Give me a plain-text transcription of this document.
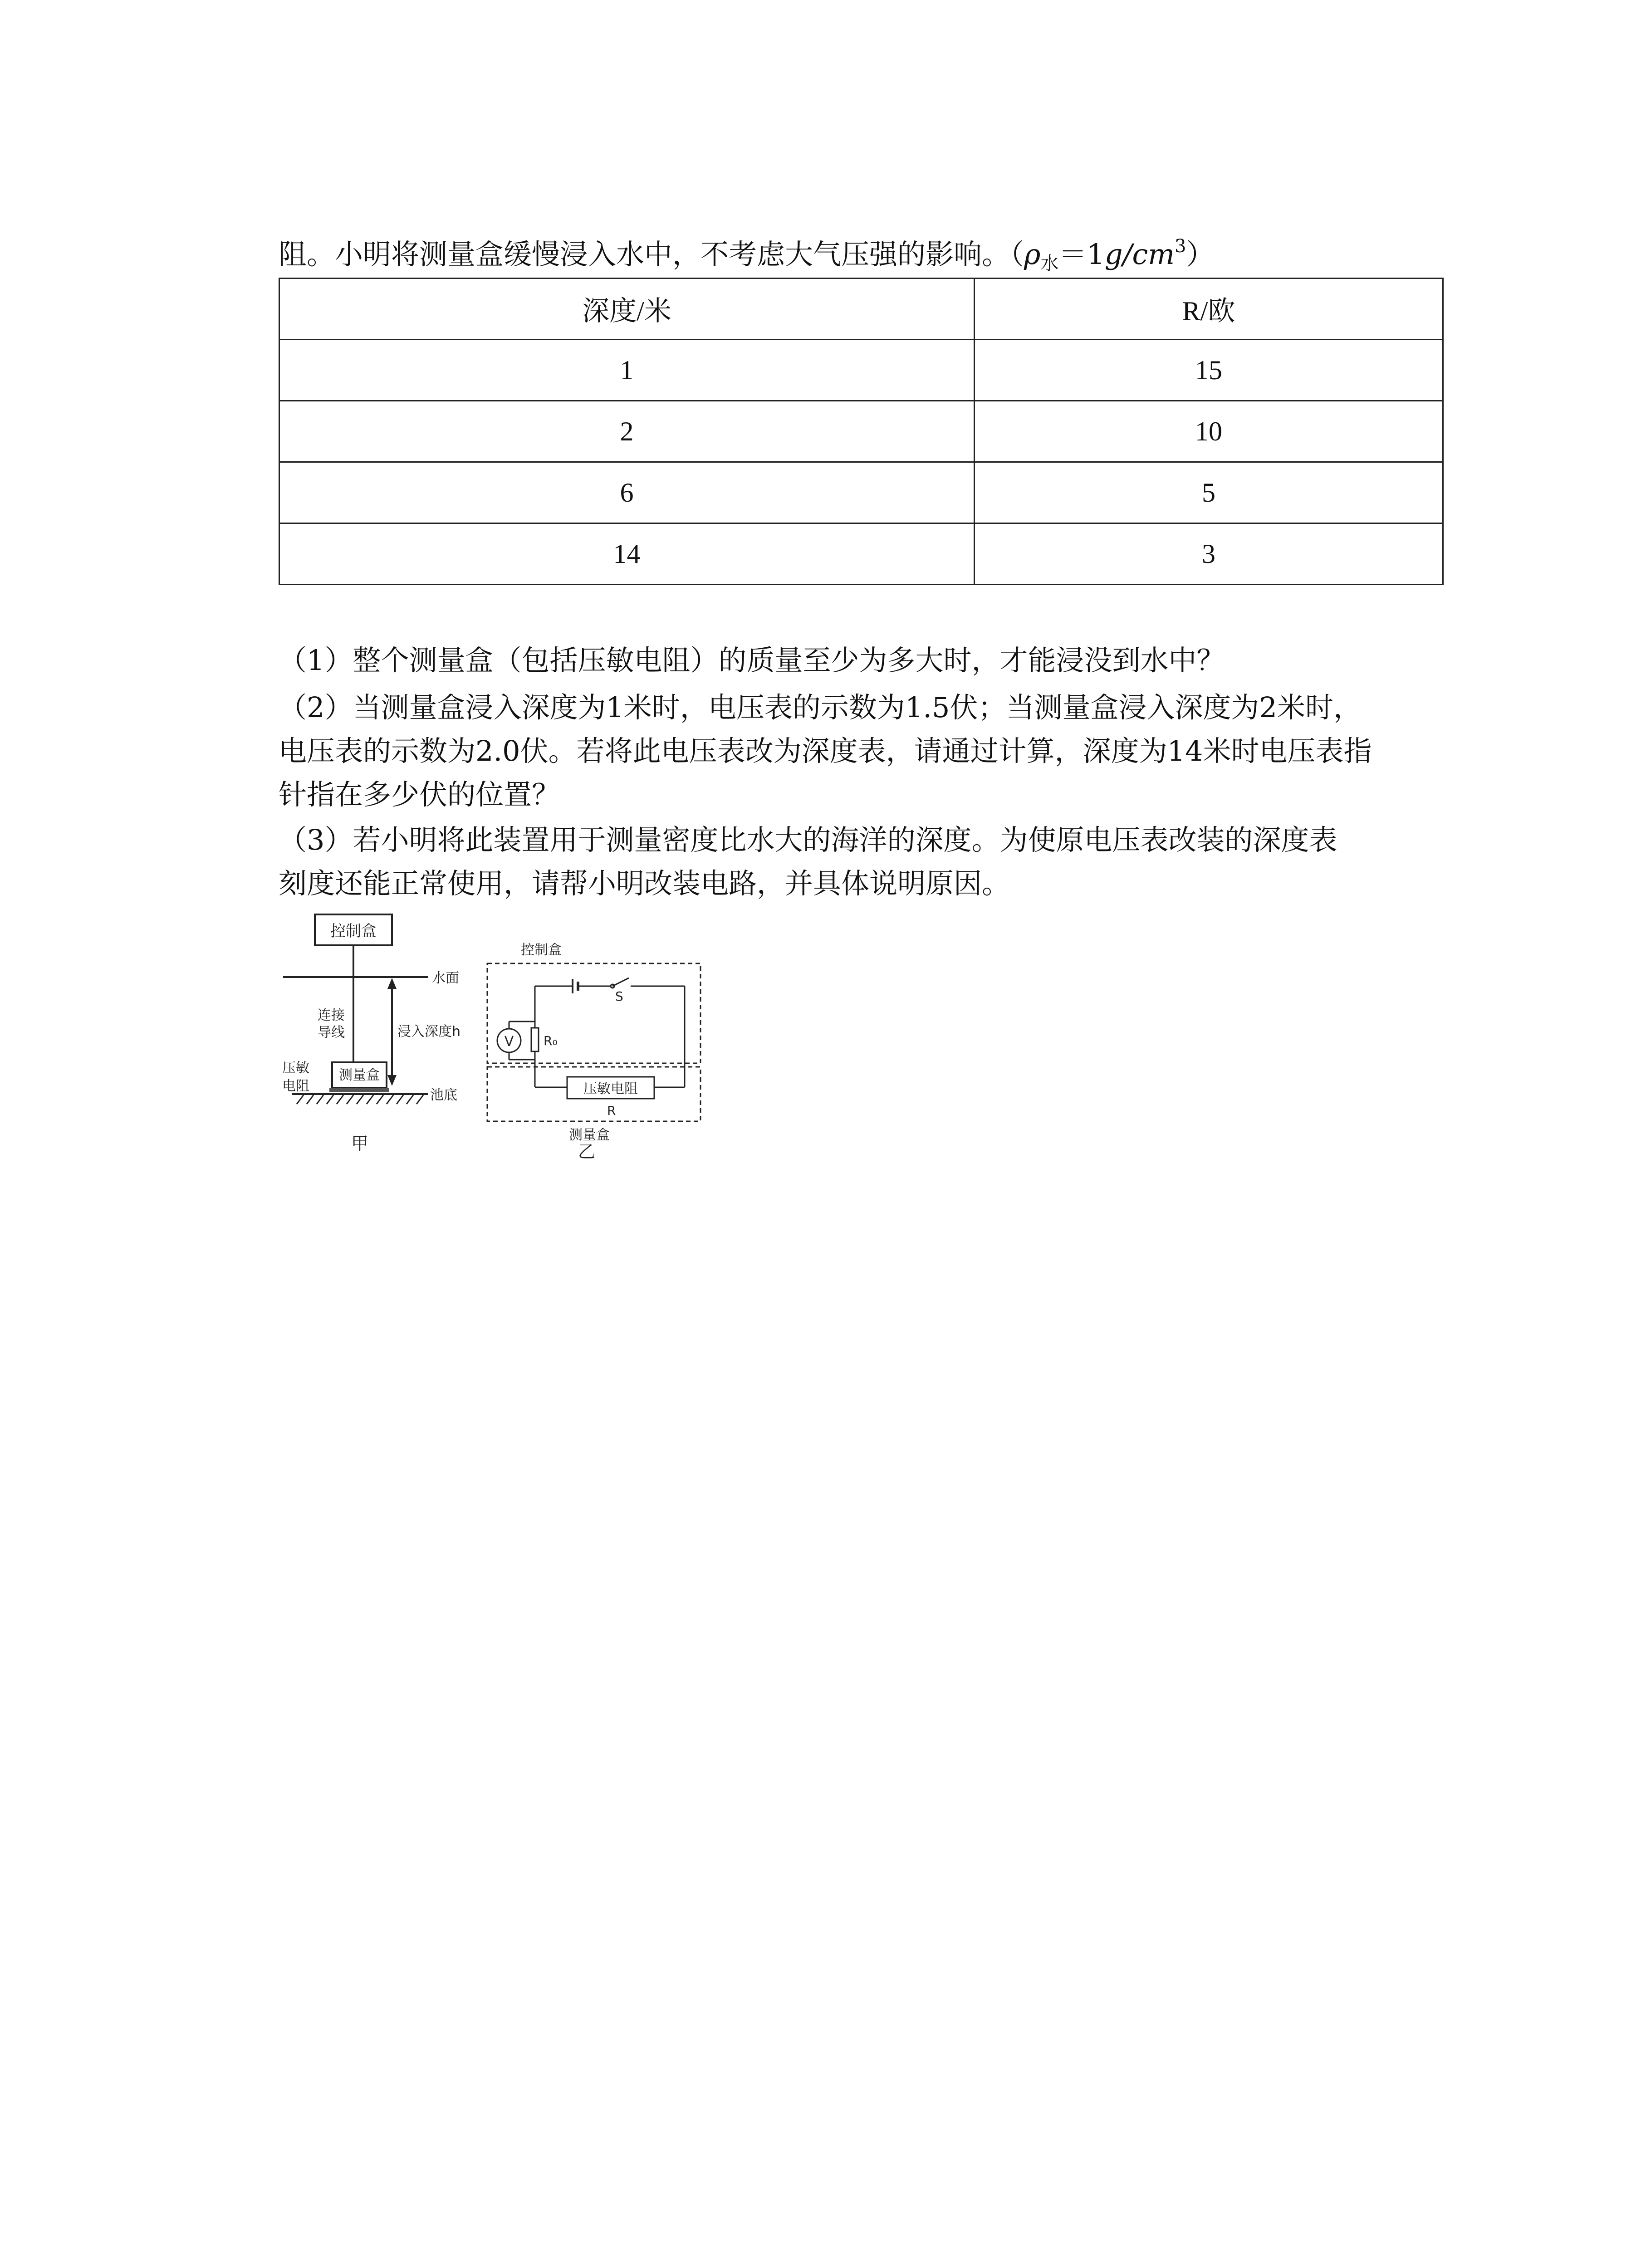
阻。小明将测量盒缓慢浸入水中，不考虑大气压强的影响。$(\rho_水=1g/cm^3)$
深度/米	R/欧
1	15
2	10
6	5
14	3
（1）整个测量盒（包括压敏电阻）的质量至少为多大时，才能浸没到水中？
（2）当测量盒浸入深度为1米时，电压表的示数为1.5伏；当测量盒浸入深度为2米时，
电压表的示数为2.0伏。若将此电压表改为深度表，请通过计算，深度为14米时电压表指
针指在多少伏的位置？
（3）若小明将此装置用于测量密度比水大的海洋的深度。为使原电压表改装的深度表
刻度还能正常使用，请帮小明改装电路，并具体说明原因。
控制盒
水面
连接
导线	浸入深度h
测量盒
压敏
电阻
池底
甲
控制盒
S
V R₀
压敏电阻
R
测量盒
乙
